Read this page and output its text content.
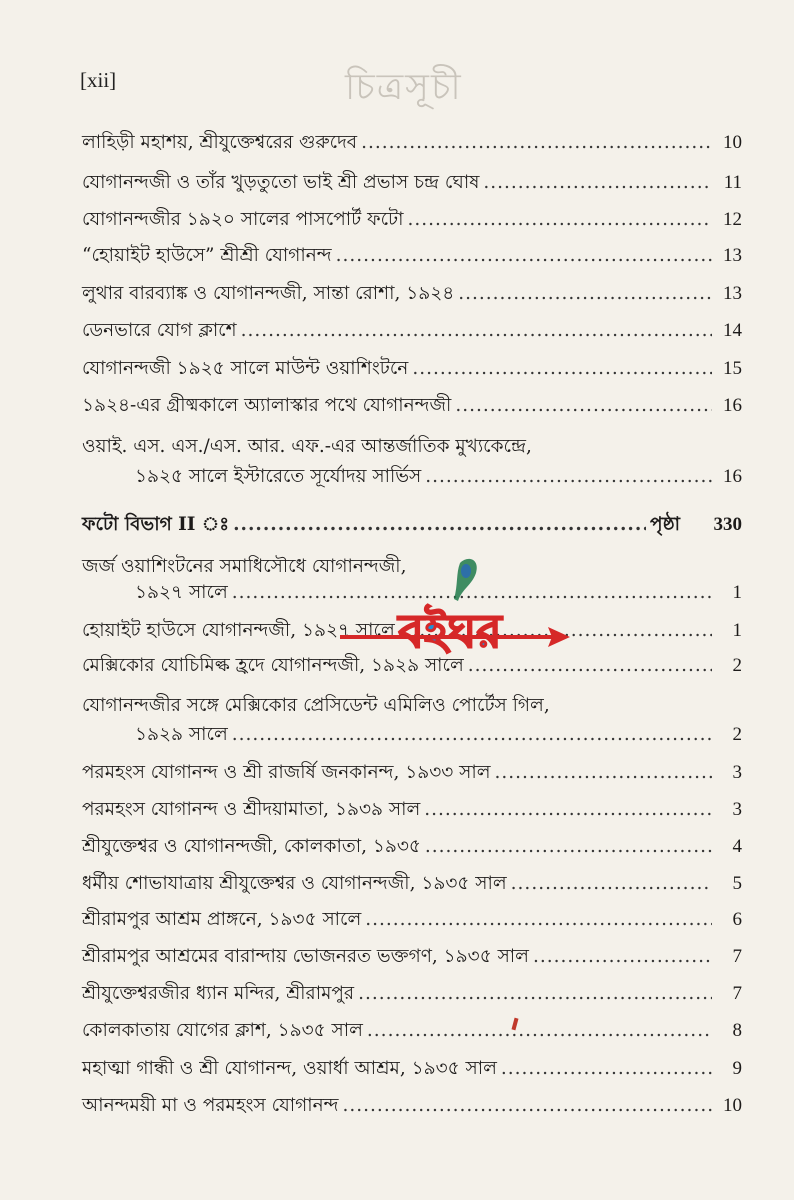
চিত্রসূচী
[xii]
লাহিড়ী মহাশয়, শ্রীযুক্তেশ্বরের গুরুদেব .....	10
যোগানন্দজী ও তাঁর খুড়তুতো ভাই শ্রী প্রভাস চন্দ্র ঘোষ .....	11
যোগানন্দজীর ১৯২০ সালের পাসপোর্ট ফটো .....	12
“হোয়াইট হাউসে” শ্রীশ্রী যোগানন্দ .....	13
লুথার বারব্যাঙ্ক ও যোগানন্দজী, সান্তা রোশা, ১৯২৪ .....	13
ডেনভারে যোগ ক্লাশে .....	14
যোগানন্দজী ১৯২৫ সালে মাউন্ট ওয়াশিংটনে .....	15
১৯২৪-এর গ্রীষ্মকালে অ্যালাস্কার পথে যোগানন্দজী .....	16
ওয়াই. এস. এস./এস. আর. এফ.-এর আন্তর্জাতিক মুখ্যকেন্দ্রে,
১৯২৫ সালে ইস্টারেতে সূর্যোদয় সার্ভিস .....	16
ফটো বিভাগ II ঃ .....	পৃষ্ঠা	330
জর্জ ওয়াশিংটনের সমাধিসৌধে যোগানন্দজী,
১৯২৭ সালে .....	1
হোয়াইট হাউসে যোগানন্দজী, ১৯২৭ সালে .....	1
মেক্সিকোর যোচিমিল্ক হ্রদে যোগানন্দজী, ১৯২৯ সালে .....	2
যোগানন্দজীর সঙ্গে মেক্সিকোর প্রেসিডেন্ট এমিলিও পোর্টেস গিল,
১৯২৯ সালে .....	2
পরমহংস যোগানন্দ ও শ্রী রাজর্ষি জনকানন্দ, ১৯৩৩ সাল .....	3
পরমহংস যোগানন্দ ও শ্রীদয়ামাতা, ১৯৩৯ সাল .....	3
শ্রীযুক্তেশ্বর ও যোগানন্দজী, কোলকাতা, ১৯৩৫ .....	4
ধর্মীয় শোভাযাত্রায় শ্রীযুক্তেশ্বর ও যোগানন্দজী, ১৯৩৫ সাল .....	5
শ্রীরামপুর আশ্রম প্রাঙ্গনে, ১৯৩৫ সালে .....	6
শ্রীরামপুর আশ্রমের বারান্দায় ভোজনরত ভক্তগণ, ১৯৩৫ সাল .....	7
শ্রীযুক্তেশ্বরজীর ধ্যান মন্দির, শ্রীরামপুর .....	7
কোলকাতায় যোগের ক্লাশ, ১৯৩৫ সাল .....	8
মহাত্মা গান্ধী ও শ্রী যোগানন্দ, ওয়ার্ধা আশ্রম, ১৯৩৫ সাল .....	9
আনন্দময়ী মা ও পরমহংস যোগানন্দ .....	10
বইঘর
